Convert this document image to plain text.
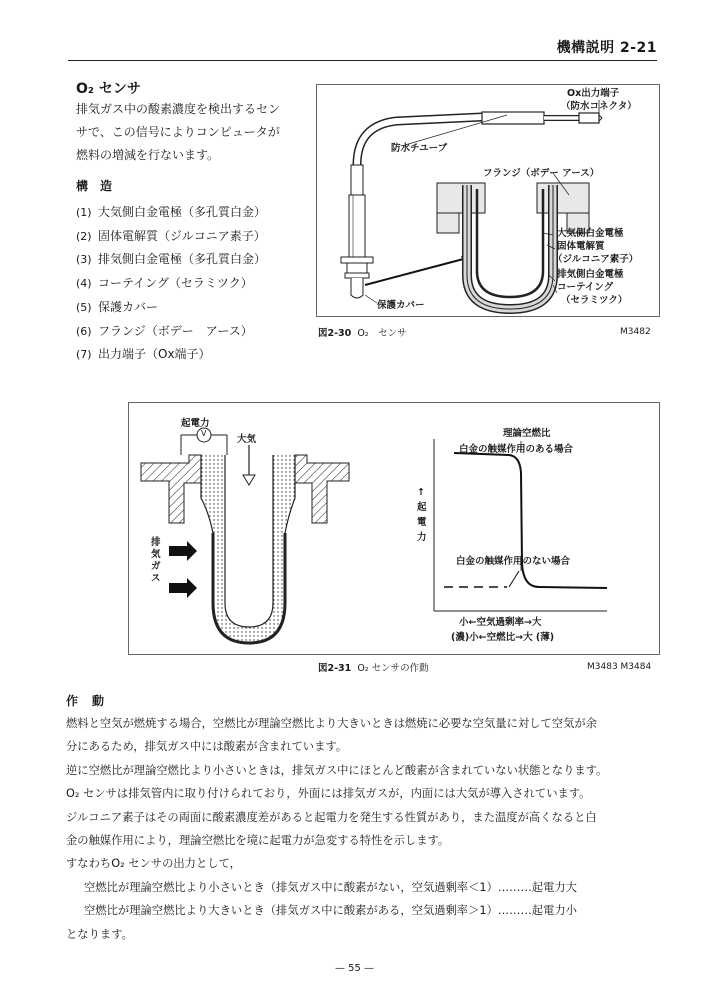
機構説明 2-21
O₂ センサ
排気ガス中の酸素濃度を検出するセン
サで、この信号によりコンピュータが
燃料の増減を行ないます。
構造
(1) 大気側白金電極（多孔質白金）
(2) 固体電解質（ジルコニア素子）
(3) 排気側白金電極（多孔質白金）
(4) コーテイング（セラミツク）
(5) 保護カバー
(6) フランジ（ボデー　アース）
(7) 出力端子（Ox端子）
Ox出力端子
（防水コネクタ）
防水チユーブ
フランジ（ボデー アース）
大気側白金電極
固体電解質
（ジルコニア素子）
排気側白金電極
コーテイング
（セラミツク）
保護カバー
図2-30 O₂　センサ	M3482
起電力
V
大気
排
気
ガ
ス
理論空燃比
白金の触媒作用のある場合
白金の触媒作用のない場合
↑
起
電
力
小←空気過剰率→大
(濃)小←空燃比→大 (薄)
図2-31 O₂ センサの作動	M3483 M3484
作動
燃料と空気が燃焼する場合，空燃比が理論空燃比より大きいときは燃焼に必要な空気量に対して空気が余
分にあるため，排気ガス中には酸素が含まれています。
逆に空燃比が理論空燃比より小さいときは，排気ガス中にほとんど酸素が含まれていない状態となります。
O₂ センサは排気管内に取り付けられており，外面には排気ガスが，内面には大気が導入されています。
ジルコニア素子はその両面に酸素濃度差があると起電力を発生する性質があり，また温度が高くなると白
金の触媒作用により，理論空燃比を境に起電力が急変する特性を示します。
すなわちO₂ センサの出力として，
空燃比が理論空燃比より小さいとき（排気ガス中に酸素がない，空気過剰率＜1）………起電力大
空燃比が理論空燃比より大きいとき（排気ガス中に酸素がある，空気過剰率＞1）………起電力小
となります。
— 55 —
